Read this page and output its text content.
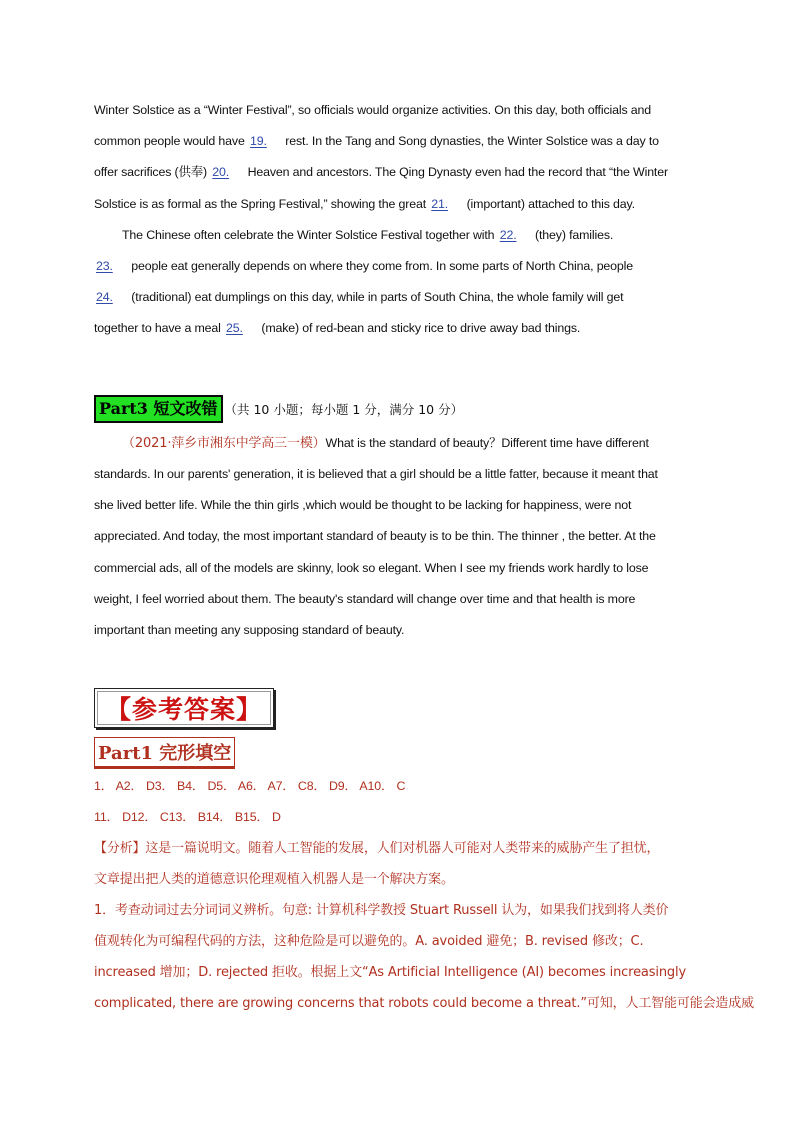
Winter Solstice as a “Winter Festival”, so officials would organize activities. On this day, both officials and
common people would have 19. rest. In the Tang and Song dynasties, the Winter Solstice was a day to
offer sacrifices (供奉) 20. Heaven and ancestors. The Qing Dynasty even had the record that “the Winter
Solstice is as formal as the Spring Festival,” showing the great 21. (important) attached to this day.
The Chinese often celebrate the Winter Solstice Festival together with 22. (they) families.
23. people eat generally depends on where they come from. In some parts of North China, people
24. (traditional) eat dumplings on this day, while in parts of South China, the whole family will get
together to have a meal 25. (make) of red-bean and sticky rice to drive away bad things.
Part3 短文改错 （共 10 小题；每小题 1 分，满分 10 分）
（2021·萍乡市湘东中学高三一模）What is the standard of beauty？Different time have different
standards. In our parents' generation, it is believed that a girl should be a little fatter, because it meant that
she lived better life. While the thin girls ,which would be thought to be lacking for happiness, were not
appreciated. And today, the most important standard of beauty is to be thin. The thinner , the better. At the
commercial ads, all of the models are skinny, look so elegant. When I see my friends work hardly to lose
weight, I feel worried about them. The beauty's standard will change over time and that health is more
important than meeting any supposing standard of beauty.
【参考答案】
Part1 完形填空
1． A2． D3． B4． D5． A6． A7． C8． D9． A10． C
11． D12． C13． B14． B15． D
【分析】这是一篇说明文。随着人工智能的发展，人们对机器人可能对人类带来的威胁产生了担忧，
文章提出把人类的道德意识伦理观植入机器人是一个解决方案。
1．考查动词过去分词词义辨析。句意: 计算机科学教授 Stuart Russell 认为，如果我们找到将人类价
值观转化为可编程代码的方法，这种危险是可以避免的。A. avoided 避免；B. revised 修改；C.
increased 增加；D. rejected 拒收。根据上文“As Artificial Intelligence (AI) becomes increasingly
complicated, there are growing concerns that robots could become a threat.”可知，人工智能可能会造成威
